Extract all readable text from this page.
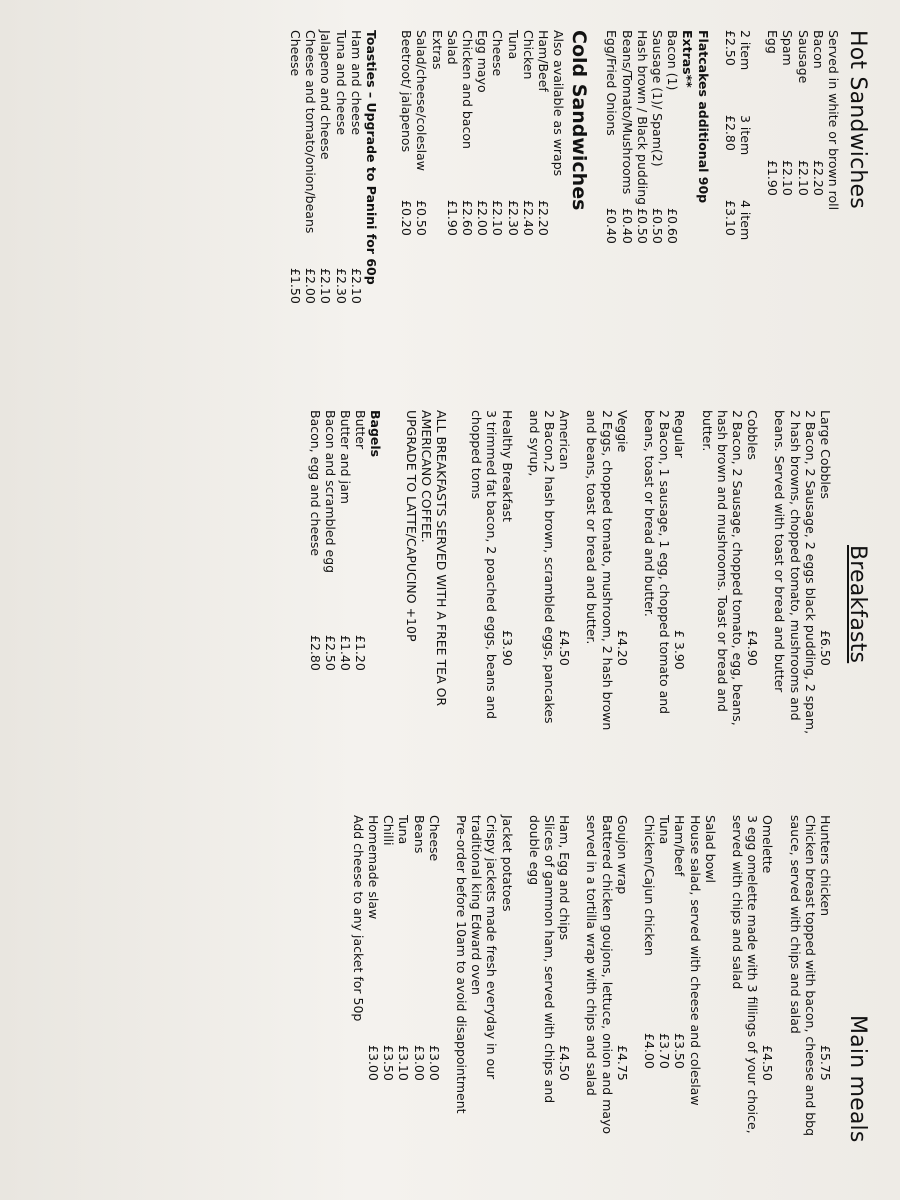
Hot Sandwiches
Served in white or brown roll
Bacon
£2.20
Sausage
£2.10
Spam
£2.10
Egg
£1.90
2 item
3 item
4 item
£2.50
£2.80
£3.10
Flatcakes additional 90p
Extras**
Bacon (1)
£0.60
Sausage (1)/ Spam(2)
£0.50
Hash brown / Black pudding
£0.50
Beans/Tomato/Mushrooms
£0.40
Egg/Fried Onions
£0.40
Cold Sandwiches
Also available as wraps
Ham/Beef
£2.20
Chicken
£2.40
Tuna
£2.30
Cheese
£2.10
Egg mayo
£2.00
Chicken and bacon
£2.60
Salad
£1.90
Extras
Salad/cheese/coleslaw
£0.50
Beetroot/ jalapenos
£0.20
Toasties – Upgrade to Panini for 60p
Ham and cheese
£2.10
Tuna and cheese
£2.30
Jalapeno and cheese
£2.10
Cheese and tomato/onion/beans
£2.00
Cheese
£1.50
Breakfasts
Large Cobbles
£6.50
2 Bacon, 2 Sausage, 2 eggs black pudding, 2 spam,
2 hash browns, chopped tomato, mushrooms and
beans. Served with toast or bread and butter
Cobbles
£4.90
2 Bacon, 2 Sausage, chopped tomato, egg, beans,
hash brown and mushrooms. Toast or bread and
butter.
Regular
£ 3.90
2 Bacon, 1 sausage, 1 egg, chopped tomato and
beans, toast or bread and butter.
Veggie
£4.20
2 Eggs, chopped tomato, mushroom, 2 hash brown
and beans, toast or bread and butter.
American
£4.50
2 Bacon,2 hash brown, scrambled eggs, pancakes
and syrup,
Healthy Breakfast
£3.90
3 trimmed fat bacon, 2 poached eggs, beans and
chopped toms
ALL BREAKFASTS SERVED WITH A FREE TEA OR
AMERICANO COFFEE.
UPGRADE TO LATTE/CAPUCINO +10P
Bagels
Butter
£1.20
Butter and jam
£1.40
Bacon and scrambled egg
£2.50
Bacon, egg and cheese
£2.80
Main meals
Hunters chicken
£5.75
Chicken breast topped with bacon, cheese and bbq
sauce, served with chips and salad
Omelette
£4.50
3 egg omelette made with 3 fillings of your choice,
served with chips and salad
Salad bowl
House salad, served with cheese and coleslaw
Ham/beef
£3.50
Tuna
£3.70
Chicken/Cajun chicken
£4.00
Goujon wrap
£4.75
Battered chicken goujons, lettuce, onion and mayo
served in a tortilla wrap with chips and salad
Ham, Egg and chips
£4.50
Slices of gammon ham, served with chips and
double egg
Jacket potatoes
Crispy jackets made fresh everyday in our
traditional king Edward oven
Pre-order before 10am to avoid disappointment
Cheese
£3.00
Beans
£3.00
Tuna
£3.10
Chilli
£3.50
Homemade slaw
£3.00
Add cheese to any jacket for 50p
